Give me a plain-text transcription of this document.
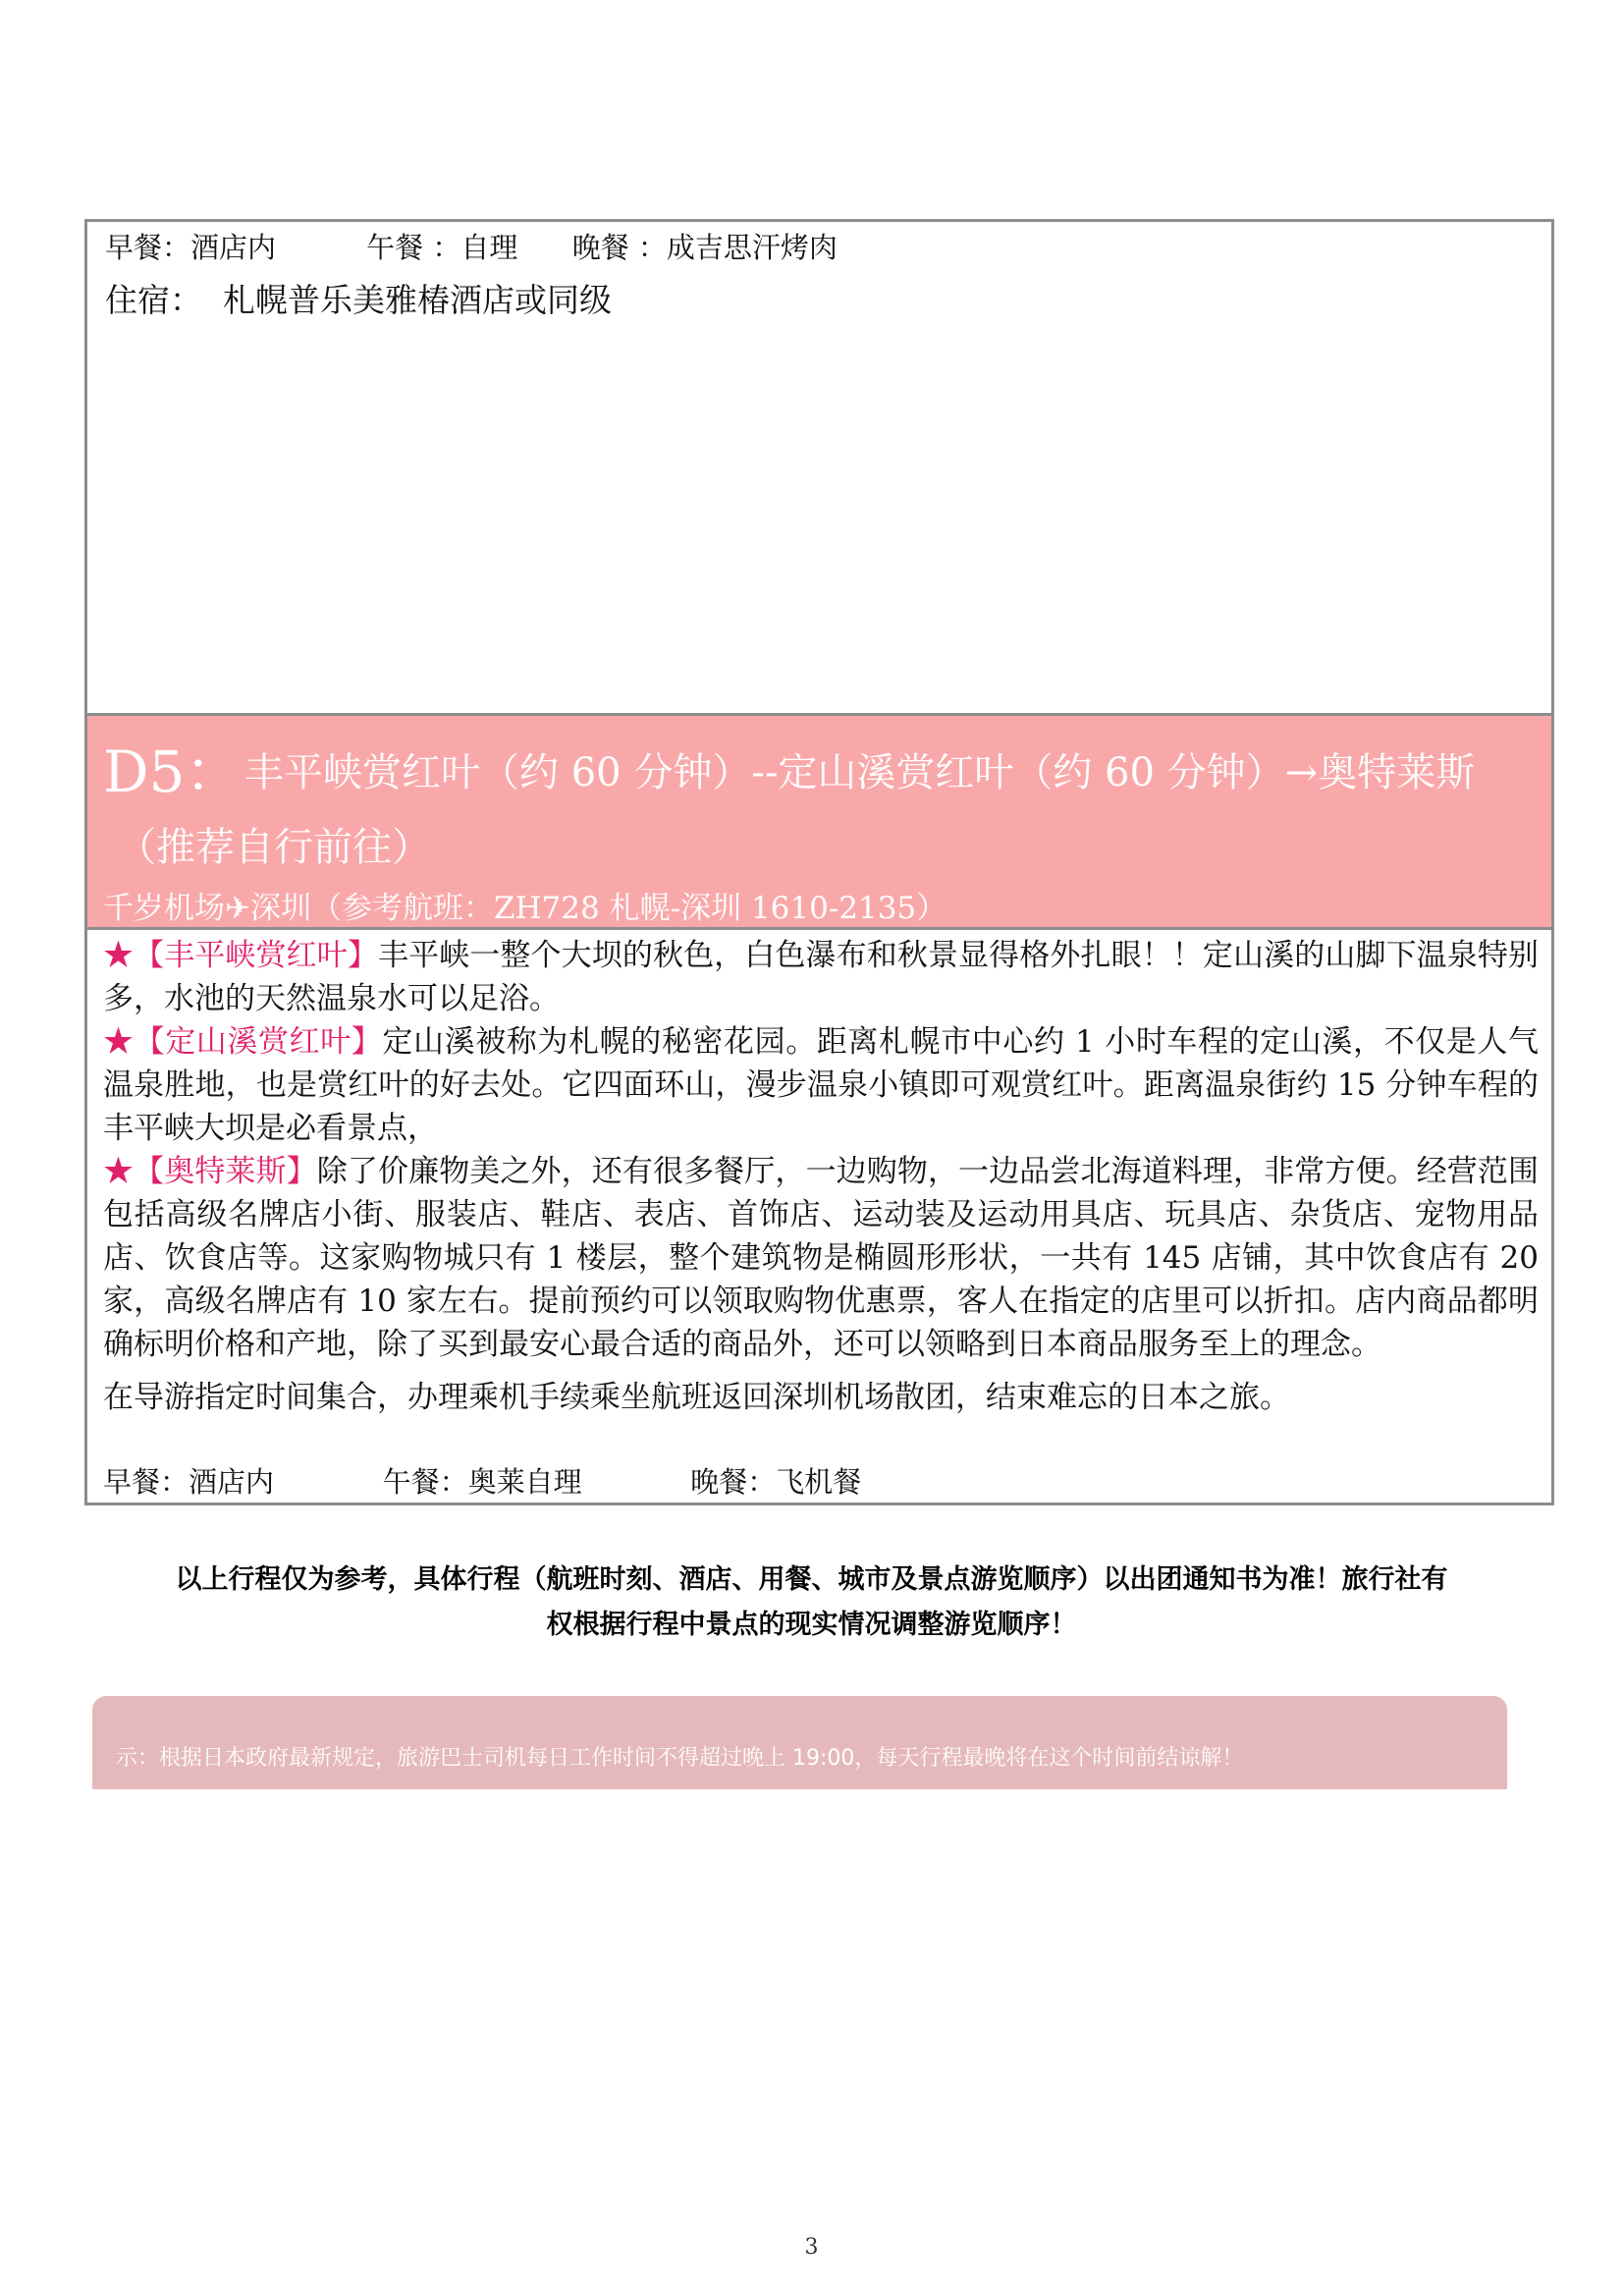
早餐：酒店内          午餐 ：自理      晚餐 ：成吉思汗烤肉
住宿：  札幌普乐美雅椿酒店或同级
D5： 丰平峡赏红叶（约 60 分钟）--定山溪赏红叶（约 60 分钟）→奥特莱斯
（推荐自行前往）
千岁机场✈深圳（参考航班：ZH728 札幌-深圳 1610-2135）

★【丰平峡赏红叶】丰平峡一整个大坝的秋色，白色瀑布和秋景显得格外扎眼！！定山溪的山脚下温泉特别多，水池的天然温泉水可以足浴。

★【定山溪赏红叶】定山溪被称为札幌的秘密花园。距离札幌市中心约 1 小时车程的定山溪，不仅是人气温泉胜地，也是赏红叶的好去处。它四面环山，漫步温泉小镇即可观赏红叶。距离温泉街约 15 分钟车程的丰平峡大坝是必看景点，

★【奥特莱斯】除了价廉物美之外，还有很多餐厅，一边购物，一边品尝北海道料理，非常方便。经营范围包括高级名牌店小街、服装店、鞋店、表店、首饰店、运动装及运动用具店、玩具店、杂货店、宠物用品店、饮食店等。这家购物城只有 1 楼层，整个建筑物是椭圆形形状，一共有 145 店铺，其中饮食店有 20 家，高级名牌店有 10 家左右。提前预约可以领取购物优惠票，客人在指定的店里可以折扣。店内商品都明确标明价格和产地，除了买到最安心最合适的商品外，还可以领略到日本商品服务至上的理念。

在导游指定时间集合，办理乘机手续乘坐航班返回深圳机场散团，结束难忘的日本之旅。

早餐：酒店内            午餐：奥莱自理            晚餐：飞机餐
以上行程仅为参考，具体行程（航班时刻、酒店、用餐、城市及景点游览顺序）以出团通知书为准！旅行社有
权根据行程中景点的现实情况调整游览顺序！
示：根据日本政府最新规定，旅游巴士司机每日工作时间不得超过晚上 19:00，每天行程最晚将在这个时间前结谅解！
3
